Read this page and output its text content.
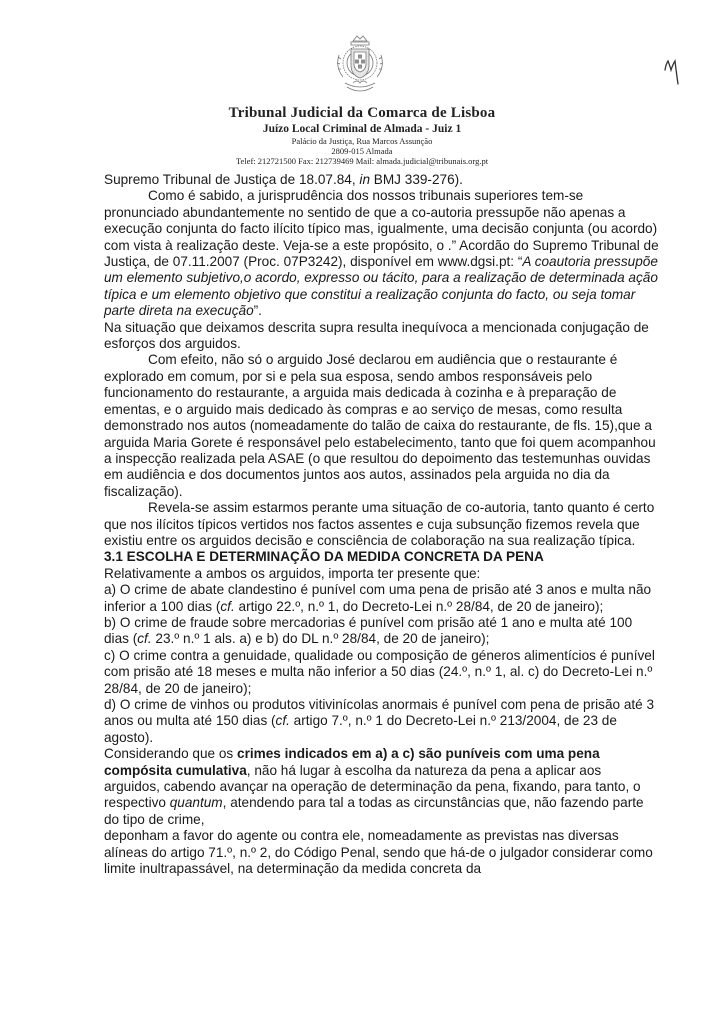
Tribunal Judicial da Comarca de Lisboa
Juízo Local Criminal de Almada - Juiz 1
Palácio da Justiça, Rua Marcos Assunção
2809-015 Almada
Telef: 212721500 Fax: 212739469 Mail: almada.judicial@tribunais.org.pt

Supremo Tribunal de Justiça de 18.07.84, in BMJ 339-276).

Como é sabido, a jurisprudência dos nossos tribunais superiores tem-se pronunciado abundantemente no sentido de que a co-autoria pressupõe não apenas a execução conjunta do facto ilícito típico mas, igualmente, uma decisão conjunta (ou acordo) com vista à realização deste. Veja-se a este propósito, o .” Acordão do Supremo Tribunal de Justiça, de 07.11.2007 (Proc. 07P3242), disponível em www.dgsi.pt: “A coautoria pressupõe um elemento subjetivo,o acordo, expresso ou tácito, para a realização de determinada ação típica e um elemento objetivo que constitui a realização conjunta do facto, ou seja tomar parte direta na execução”.

Na situação que deixamos descrita supra resulta inequívoca a mencionada conjugação de esforços dos arguidos.

Com efeito, não só o arguido José declarou em audiência que o restaurante é explorado em comum, por si e pela sua esposa, sendo ambos responsáveis pelo funcionamento do restaurante, a arguida mais dedicada à cozinha e à preparação de ementas, e o arguido mais dedicado às compras e ao serviço de mesas, como resulta demonstrado nos autos (nomeadamente do talão de caixa do restaurante, de fls. 15),que a arguida Maria Gorete é responsável pelo estabelecimento, tanto que foi quem acompanhou a inspecção realizada pela ASAE (o que resultou do depoimento das testemunhas ouvidas em audiência e dos documentos juntos aos autos, assinados pela arguida no dia da fiscalização).

Revela-se assim estarmos perante uma situação de co-autoria, tanto quanto é certo que nos ilícitos típicos vertidos nos factos assentes e cuja subsunção fizemos revela que existiu entre os arguidos decisão e consciência de colaboração na sua realização típica.

3.1 ESCOLHA E DETERMINAÇÃO DA MEDIDA CONCRETA DA PENA

Relativamente a ambos os arguidos, importa ter presente que:

a) O crime de abate clandestino é punível com uma pena de prisão até 3 anos e multa não inferior a 100 dias (cf. artigo 22.º, n.º 1, do Decreto-Lei n.º 28/84, de 20 de janeiro);

b) O crime de fraude sobre mercadorias é punível com prisão até 1 ano e multa até 100 dias (cf. 23.º n.º 1 als. a) e b) do DL n.º 28/84, de 20 de janeiro);

c) O crime contra a genuidade, qualidade ou composição de géneros alimentícios é punível com prisão até 18 meses e multa não inferior a 50 dias (24.º, n.º 1, al. c) do Decreto-Lei n.º 28/84, de 20 de janeiro);

d) O crime de vinhos ou produtos vitivinícolas anormais é punível com pena de prisão até 3 anos ou multa até 150 dias (cf. artigo 7.º, n.º 1 do Decreto-Lei n.º 213/2004, de 23 de agosto).

Considerando que os crimes indicados em a) a c) são puníveis com uma pena compósita cumulativa, não há lugar à escolha da natureza da pena a aplicar aos arguidos, cabendo avançar na operação de determinação da pena, fixando, para tanto, o respectivo quantum, atendendo para tal a todas as circunstâncias que, não fazendo parte do tipo de crime,

deponham a favor do agente ou contra ele, nomeadamente as previstas nas diversas alíneas do artigo 71.º, n.º 2, do Código Penal, sendo que há-de o julgador considerar como limite inultrapassável, na determinação da medida concreta da
